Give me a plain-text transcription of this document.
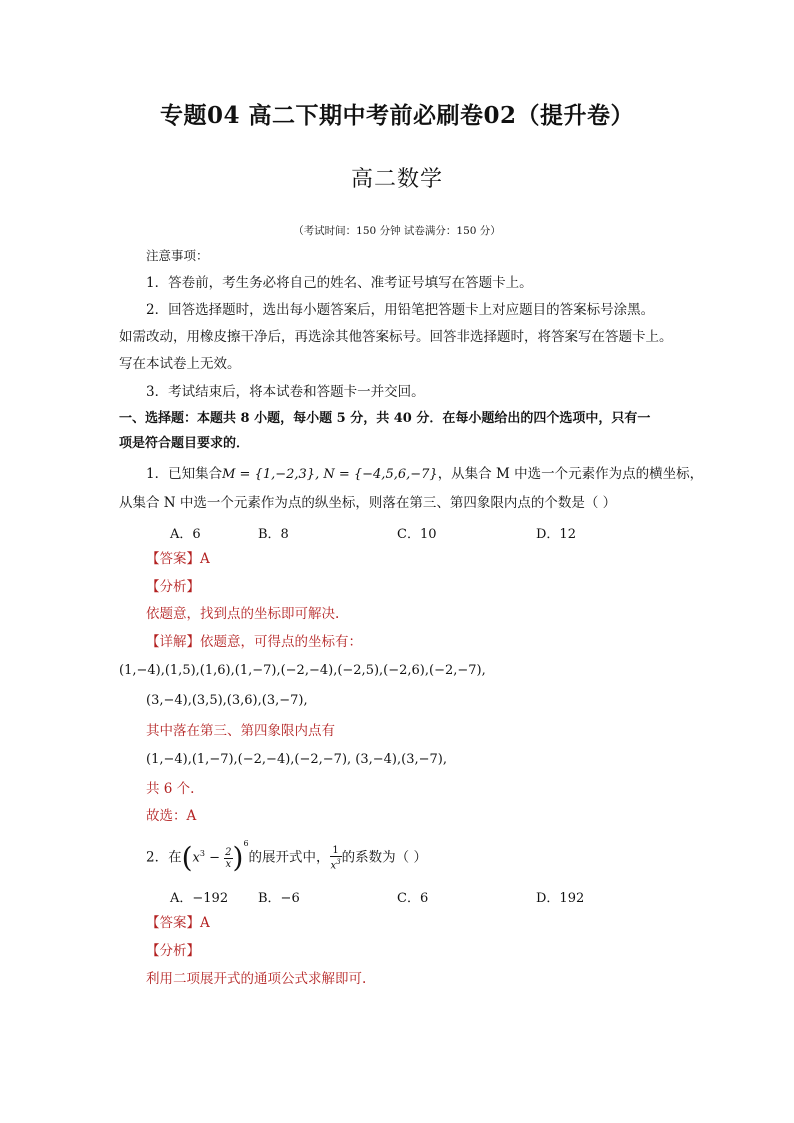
专题04 高二下期中考前必刷卷02（提升卷）
高二数学
（考试时间：150 分钟 试卷满分：150 分）
注意事项：
1．答卷前，考生务必将自己的姓名、准考证号填写在答题卡上。
2．回答选择题时，选出每小题答案后，用铅笔把答题卡上对应题目的答案标号涂黑。
如需改动，用橡皮擦干净后，再选涂其他答案标号。回答非选择题时，将答案写在答题卡上。
写在本试卷上无效。
3．考试结束后，将本试卷和答题卡一并交回。
一、选择题：本题共 8 小题，每小题 5 分，共 40 分．在每小题给出的四个选项中，只有一
项是符合题目要求的．
1．已知集合M = {1,−2,3}, N = {−4,5,6,−7}，从集合 M 中选一个元素作为点的横坐标，
从集合 N 中选一个元素作为点的纵坐标，则落在第三、第四象限内点的个数是（ ）
A．6	B．8	C．10	D．12
【答案】A
【分析】
依题意，找到点的坐标即可解决.
【详解】依题意，可得点的坐标有：
(1,−4),(1,5),(1,6),(1,−7),(−2,−4),(−2,5),(−2,6),(−2,−7),
(3,−4),(3,5),(3,6),(3,−7),
其中落在第三、第四象限内点有
(1,−4),(1,−7),(−2,−4),(−2,−7), (3,−4),(3,−7),
共 6 个.
故选：A
2．在$(x^3 - \frac{2}{x} )^6$的展开式中， $\frac{1}{x^3}$ 的系数为（ ）
A．−192 B．−6	C．6	D．192
【答案】A
【分析】
利用二项展开式的通项公式求解即可.
